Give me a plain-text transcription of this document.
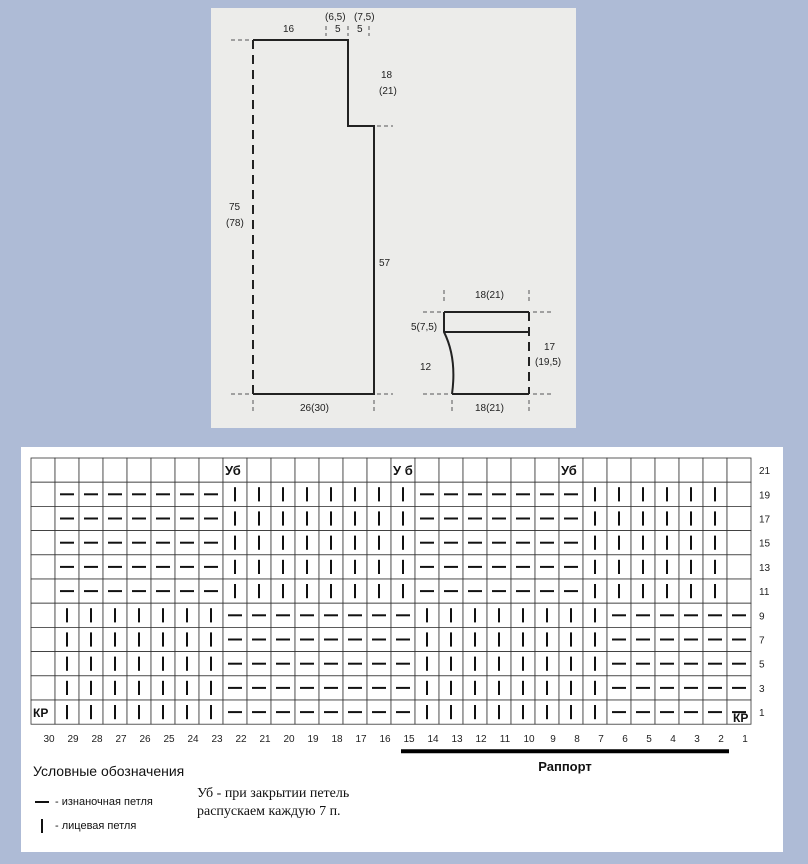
16
(6,5) (7,5)
5 5
18
(21)
75
(78)
57
26(30)
18(21)
5(7,5)
12
17
(19,5)
18(21)
21
19
17
15
13
11
9
7
5
3
1
30 29 28 27 26 25 24 23 22 21 20 19 18 17 16 15 14 13 12 11 10 9 8 7 6 5 4 3 2 1
Уб
У б
Уб
КР	КР
Раппорт
Условные обозначения
- изнаночная петля
- лицевая петля
Уб - при закрытии петель
распускаем каждую 7 п.
